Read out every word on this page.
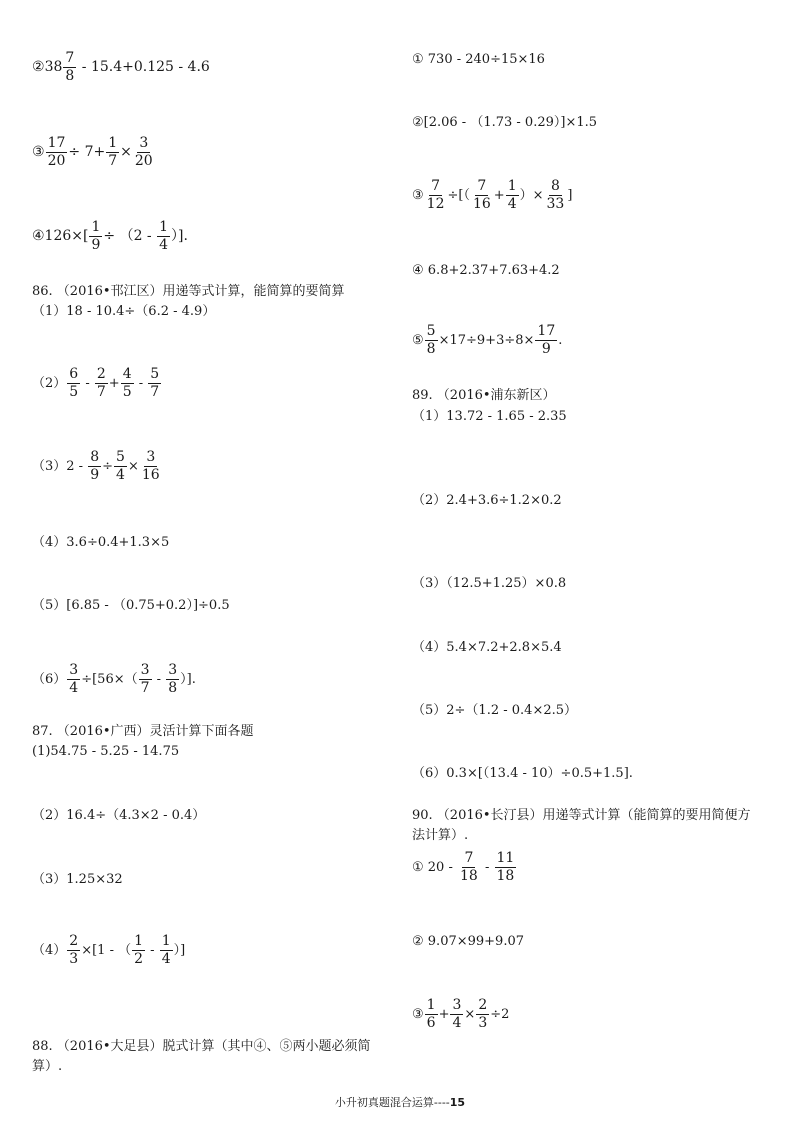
② $38 \frac{7}{8} - 15.4+0.125 - 4.6$
③ $\frac{17}{20} \div 7+ \frac{1}{7} \times \frac{3}{20}$
④126×[ $\frac{1}{9} \div (2 - \frac{1}{4}$ ）].
86. （2016•邗江区）用递等式计算，能简算的要简算
（1）18 - 10.4÷（6.2 - 4.9）
$(2) \frac{6}{5} - \frac{2}{7} + \frac{4}{5} - \frac{5}{7}$
$(3)2 - \frac{8}{9} \div \frac{5}{4} \times \frac{3}{16}$
（4）3.6÷0.4+1.3×5
（5）[6.85 - （0.75+0.2）]÷0.5
$(6) \frac{3}{4} \div[56\times( \frac{3}{7} - \frac{3}{8}$ ）].
87. （2016•广西）灵活计算下面各题
(1)54.75 - 5.25 - 14.75
（2）16.4÷（4.3×2 - 0.4）
（3）1.25×32
$(4) \frac{2}{3} \times[1$ - （ $\frac{1}{2} - \frac{1}{4}$ ）]
88. （2016•大足县）脱式计算（其中④、⑤两小题必须简
算）.
① 730 - 240÷15×16
②[2.06 - （1.73 - 0.29）]×1.5
③ $\frac{7}{12}$ ÷[（ $\frac{7}{16} + \frac{1}{4}$ ）× $\frac{8}{33}$ ]
④ 6.8+2.37+7.63+4.2
⑤ $\frac{5}{8} \times 17\div 9+3\div 8\times \frac{17}{9}$ .
89. （2016•浦东新区）
（1）13.72 - 1.65 - 2.35
（2）2.4+3.6÷1.2×0.2
（3）（12.5+1.25）×0.8
（4）5.4×7.2+2.8×5.4
（5）2÷（1.2 - 0.4×2.5）
（6）0.3×[（13.4 - 10）÷0.5+1.5].
90. （2016•长汀县）用递等式计算（能简算的要用简便方
法计算）.
① $20 - \frac{7}{18} - \frac{11}{18}$
② 9.07×99+9.07
③ $\frac{1}{6} + \frac{3}{4} \times \frac{2}{3} \div 2$
小升初真题混合运算----15
